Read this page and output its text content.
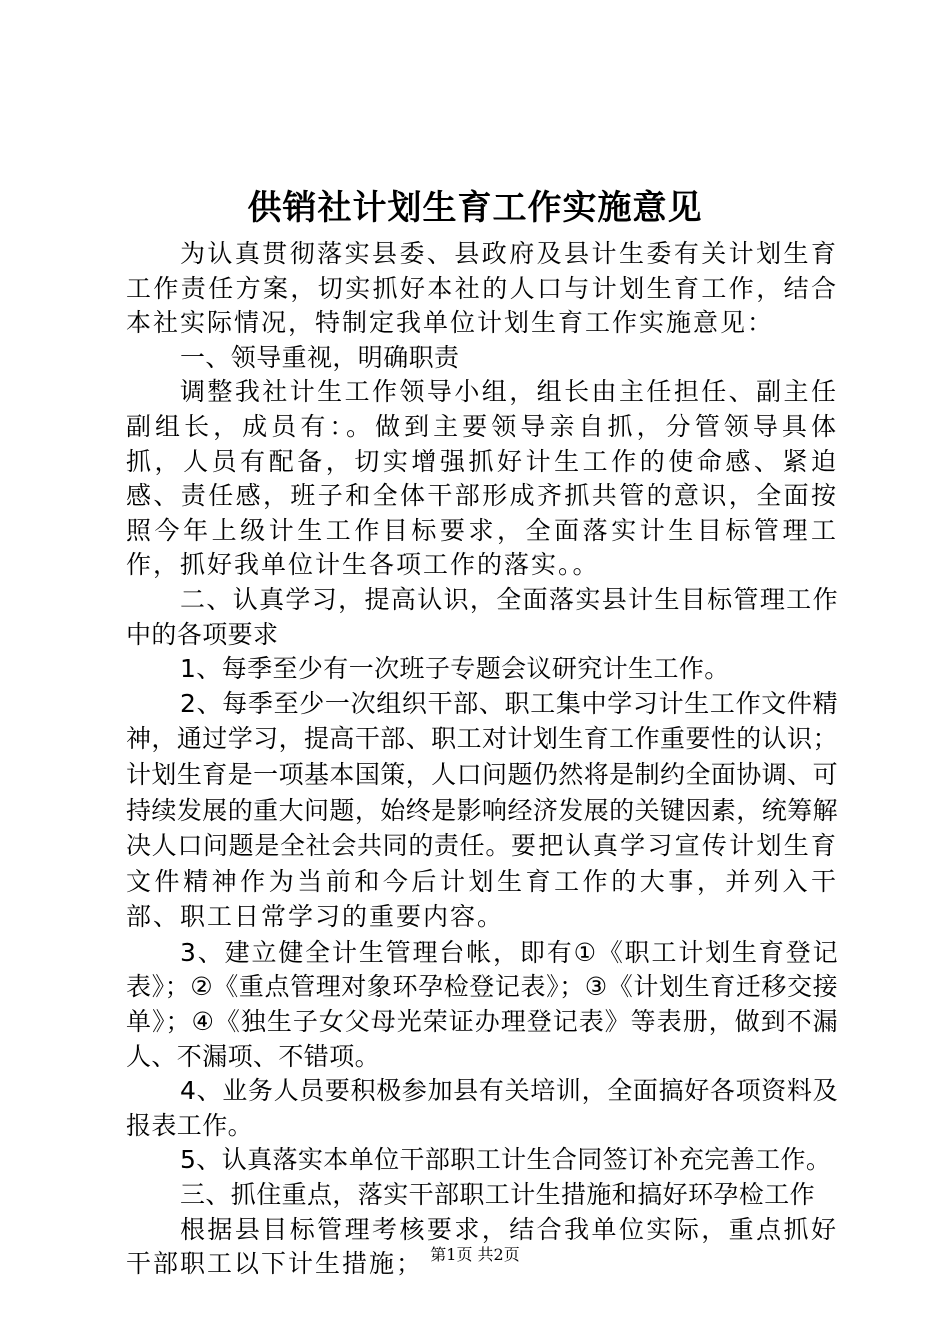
供销社计划生育工作实施意见

为认真贯彻落实县委、县政府及县计生委有关计划生育工作责任方案，切实抓好本社的人口与计划生育工作，结合本社实际情况，特制定我单位计划生育工作实施意见：

一、领导重视，明确职责

调整我社计生工作领导小组，组长由主任担任、副主任副组长，成员有：。做到主要领导亲自抓，分管领导具体抓，人员有配备，切实增强抓好计生工作的使命感、紧迫感、责任感，班子和全体干部形成齐抓共管的意识，全面按照今年上级计生工作目标要求，全面落实计生目标管理工作，抓好我单位计生各项工作的落实。。

二、认真学习，提高认识，全面落实县计生目标管理工作中的各项要求

1、每季至少有一次班子专题会议研究计生工作。

2、每季至少一次组织干部、职工集中学习计生工作文件精神，通过学习，提高干部、职工对计划生育工作重要性的认识；计划生育是一项基本国策，人口问题仍然将是制约全面协调、可持续发展的重大问题，始终是影响经济发展的关键因素，统筹解决人口问题是全社会共同的责任。要把认真学习宣传计划生育文件精神作为当前和今后计划生育工作的大事，并列入干部、职工日常学习的重要内容。

3、建立健全计生管理台帐，即有①《职工计划生育登记表》；②《重点管理对象环孕检登记表》；③《计划生育迁移交接单》；④《独生子女父母光荣证办理登记表》等表册，做到不漏人、不漏项、不错项。

4、业务人员要积极参加县有关培训，全面搞好各项资料及报表工作。

5、认真落实本单位干部职工计生合同签订补充完善工作。

三、抓住重点，落实干部职工计生措施和搞好环孕检工作

根据县目标管理考核要求，结合我单位实际，重点抓好干部职工以下计生措施； 第1页 共2页
